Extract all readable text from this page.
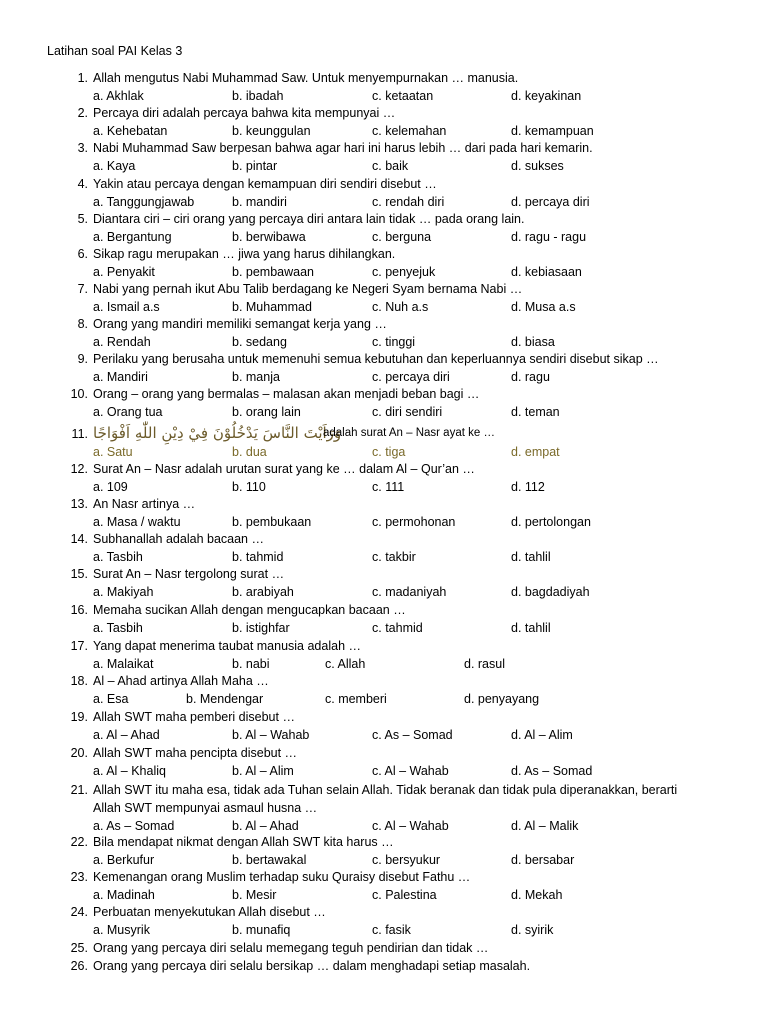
Latihan soal PAI Kelas 3
1. Allah mengutus Nabi Muhammad Saw. Untuk menyempurnakan … manusia.
a. Akhlak	b. ibadah	c. ketaatan	d. keyakinan
2. Percaya diri adalah percaya bahwa kita mempunyai …
a. Kehebatan	b. keunggulan	c. kelemahan	d. kemampuan
3. Nabi Muhammad Saw berpesan bahwa agar hari ini harus lebih … dari pada hari kemarin.
a. Kaya	b. pintar	c. baik	d. sukses
4. Yakin atau percaya dengan kemampuan diri sendiri disebut …
a. Tanggungjawab	b. mandiri	c. rendah diri	d. percaya diri
5. Diantara ciri – ciri orang yang percaya diri antara lain tidak … pada orang lain.
a. Bergantung	b. berwibawa	c. berguna	d. ragu - ragu
6. Sikap ragu merupakan … jiwa yang harus dihilangkan.
a. Penyakit	b. pembawaan	c. penyejuk	d. kebiasaan
7. Nabi yang pernah ikut Abu Talib berdagang ke Negeri Syam bernama Nabi …
a. Ismail a.s	b. Muhammad	c. Nuh a.s	d. Musa a.s
8. Orang yang mandiri memiliki semangat kerja yang …
a. Rendah	b. sedang	c. tinggi	d. biasa
9. Perilaku yang berusaha untuk memenuhi semua kebutuhan dan keperluannya sendiri disebut sikap …
a. Mandiri	b. manja	c. percaya diri	d. ragu
10. Orang – orang yang bermalas – malasan akan menjadi beban bagi …
a. Orang tua	b. orang lain	c. diri sendiri	d. teman
11. وَرَاَيْتَ النَّاسَ يَدْخُلُوْنَ فِيْ دِيْنِ اللّٰهِ اَفْوَاجًا
adalah surat An – Nasr ayat ke …
a. Satu	b. dua	c. tiga	d. empat
12. Surat An – Nasr adalah urutan surat yang ke … dalam Al – Qur’an …
a. 109	b. 110	c. 111	d. 112
13. An Nasr artinya …
a. Masa / waktu	b. pembukaan	c. permohonan	d. pertolongan
14. Subhanallah adalah bacaan …
a. Tasbih	b. tahmid	c. takbir	d. tahlil
15. Surat An – Nasr tergolong surat …
a. Makiyah	b. arabiyah	c. madaniyah	d. bagdadiyah
16. Memaha sucikan Allah dengan mengucapkan bacaan …
a. Tasbih	b. istighfar	c. tahmid	d. tahlil
17. Yang dapat menerima taubat manusia adalah …
a. Malaikat	b. nabi	c. Allah	d. rasul
18. Al – Ahad artinya Allah Maha …
a. Esa	b. Mendengar	c. memberi	d. penyayang
19. Allah SWT maha pemberi disebut …
a. Al – Ahad	b. Al – Wahab	c. As – Somad	d. Al – Alim
20. Allah SWT maha pencipta disebut …
a. Al – Khaliq	b. Al – Alim	c. Al – Wahab	d. As – Somad
21. Allah SWT itu maha esa, tidak ada Tuhan selain Allah. Tidak beranak dan tidak pula diperanakkan, berarti
Allah SWT mempunyai asmaul husna …
a. As – Somad	b. Al – Ahad	c. Al – Wahab	d. Al – Malik
22. Bila mendapat nikmat dengan Allah SWT kita harus …
a. Berkufur	b. bertawakal	c. bersyukur	d. bersabar
23. Kemenangan orang Muslim terhadap suku Quraisy disebut Fathu …
a. Madinah	b. Mesir	c. Palestina	d. Mekah
24. Perbuatan menyekutukan Allah disebut …
a. Musyrik	b. munafiq	c. fasik	d. syirik
25. Orang yang percaya diri selalu memegang teguh pendirian dan tidak …
26. Orang yang percaya diri selalu bersikap … dalam menghadapi setiap masalah.
